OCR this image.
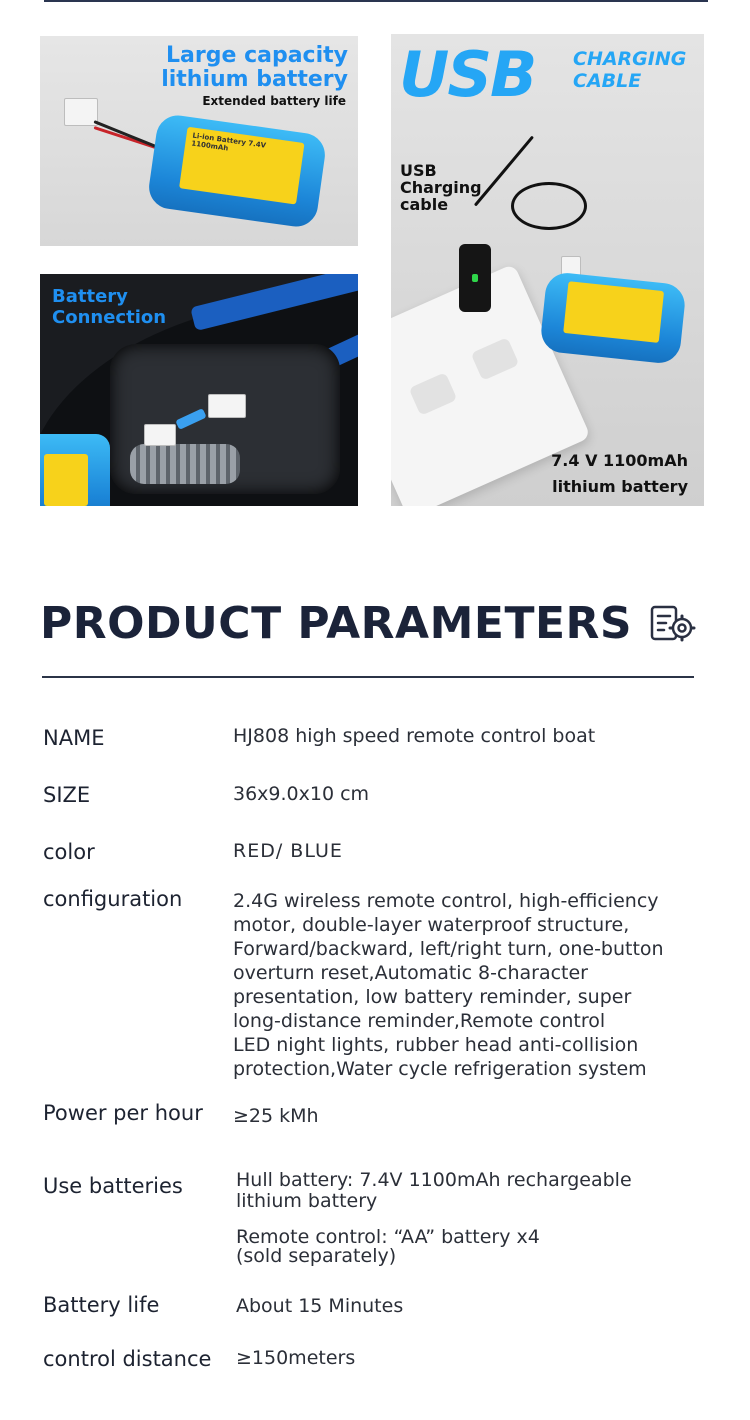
Large capacity
lithium battery
Extended battery life
Li-ion Battery 7.4V 1100mAh
Battery
Connection
USB CHARGING
CABLE
USB
Charging
cable
7.4 V 1100mAh
lithium battery
PRODUCT PARAMETERS
NAME	HJ808 high speed remote control boat
SIZE	36x9.0x10 cm
color	RED/ BLUE
configuration	2.4G wireless remote control, high-efficiency
motor, double-layer waterproof structure,
Forward/backward, left/right turn, one-button
overturn reset,Automatic 8-character
presentation, low battery reminder, super
long-distance reminder,Remote control
LED night lights, rubber head anti-collision
protection,Water cycle refrigeration system
Power per hour ≥25 kMh
Use batteries	Hull battery: 7.4V 1100mAh rechargeable
lithium battery
Remote control: “AA” battery x4
(sold separately)
Battery life	About 15 Minutes
control distance ≥150meters
